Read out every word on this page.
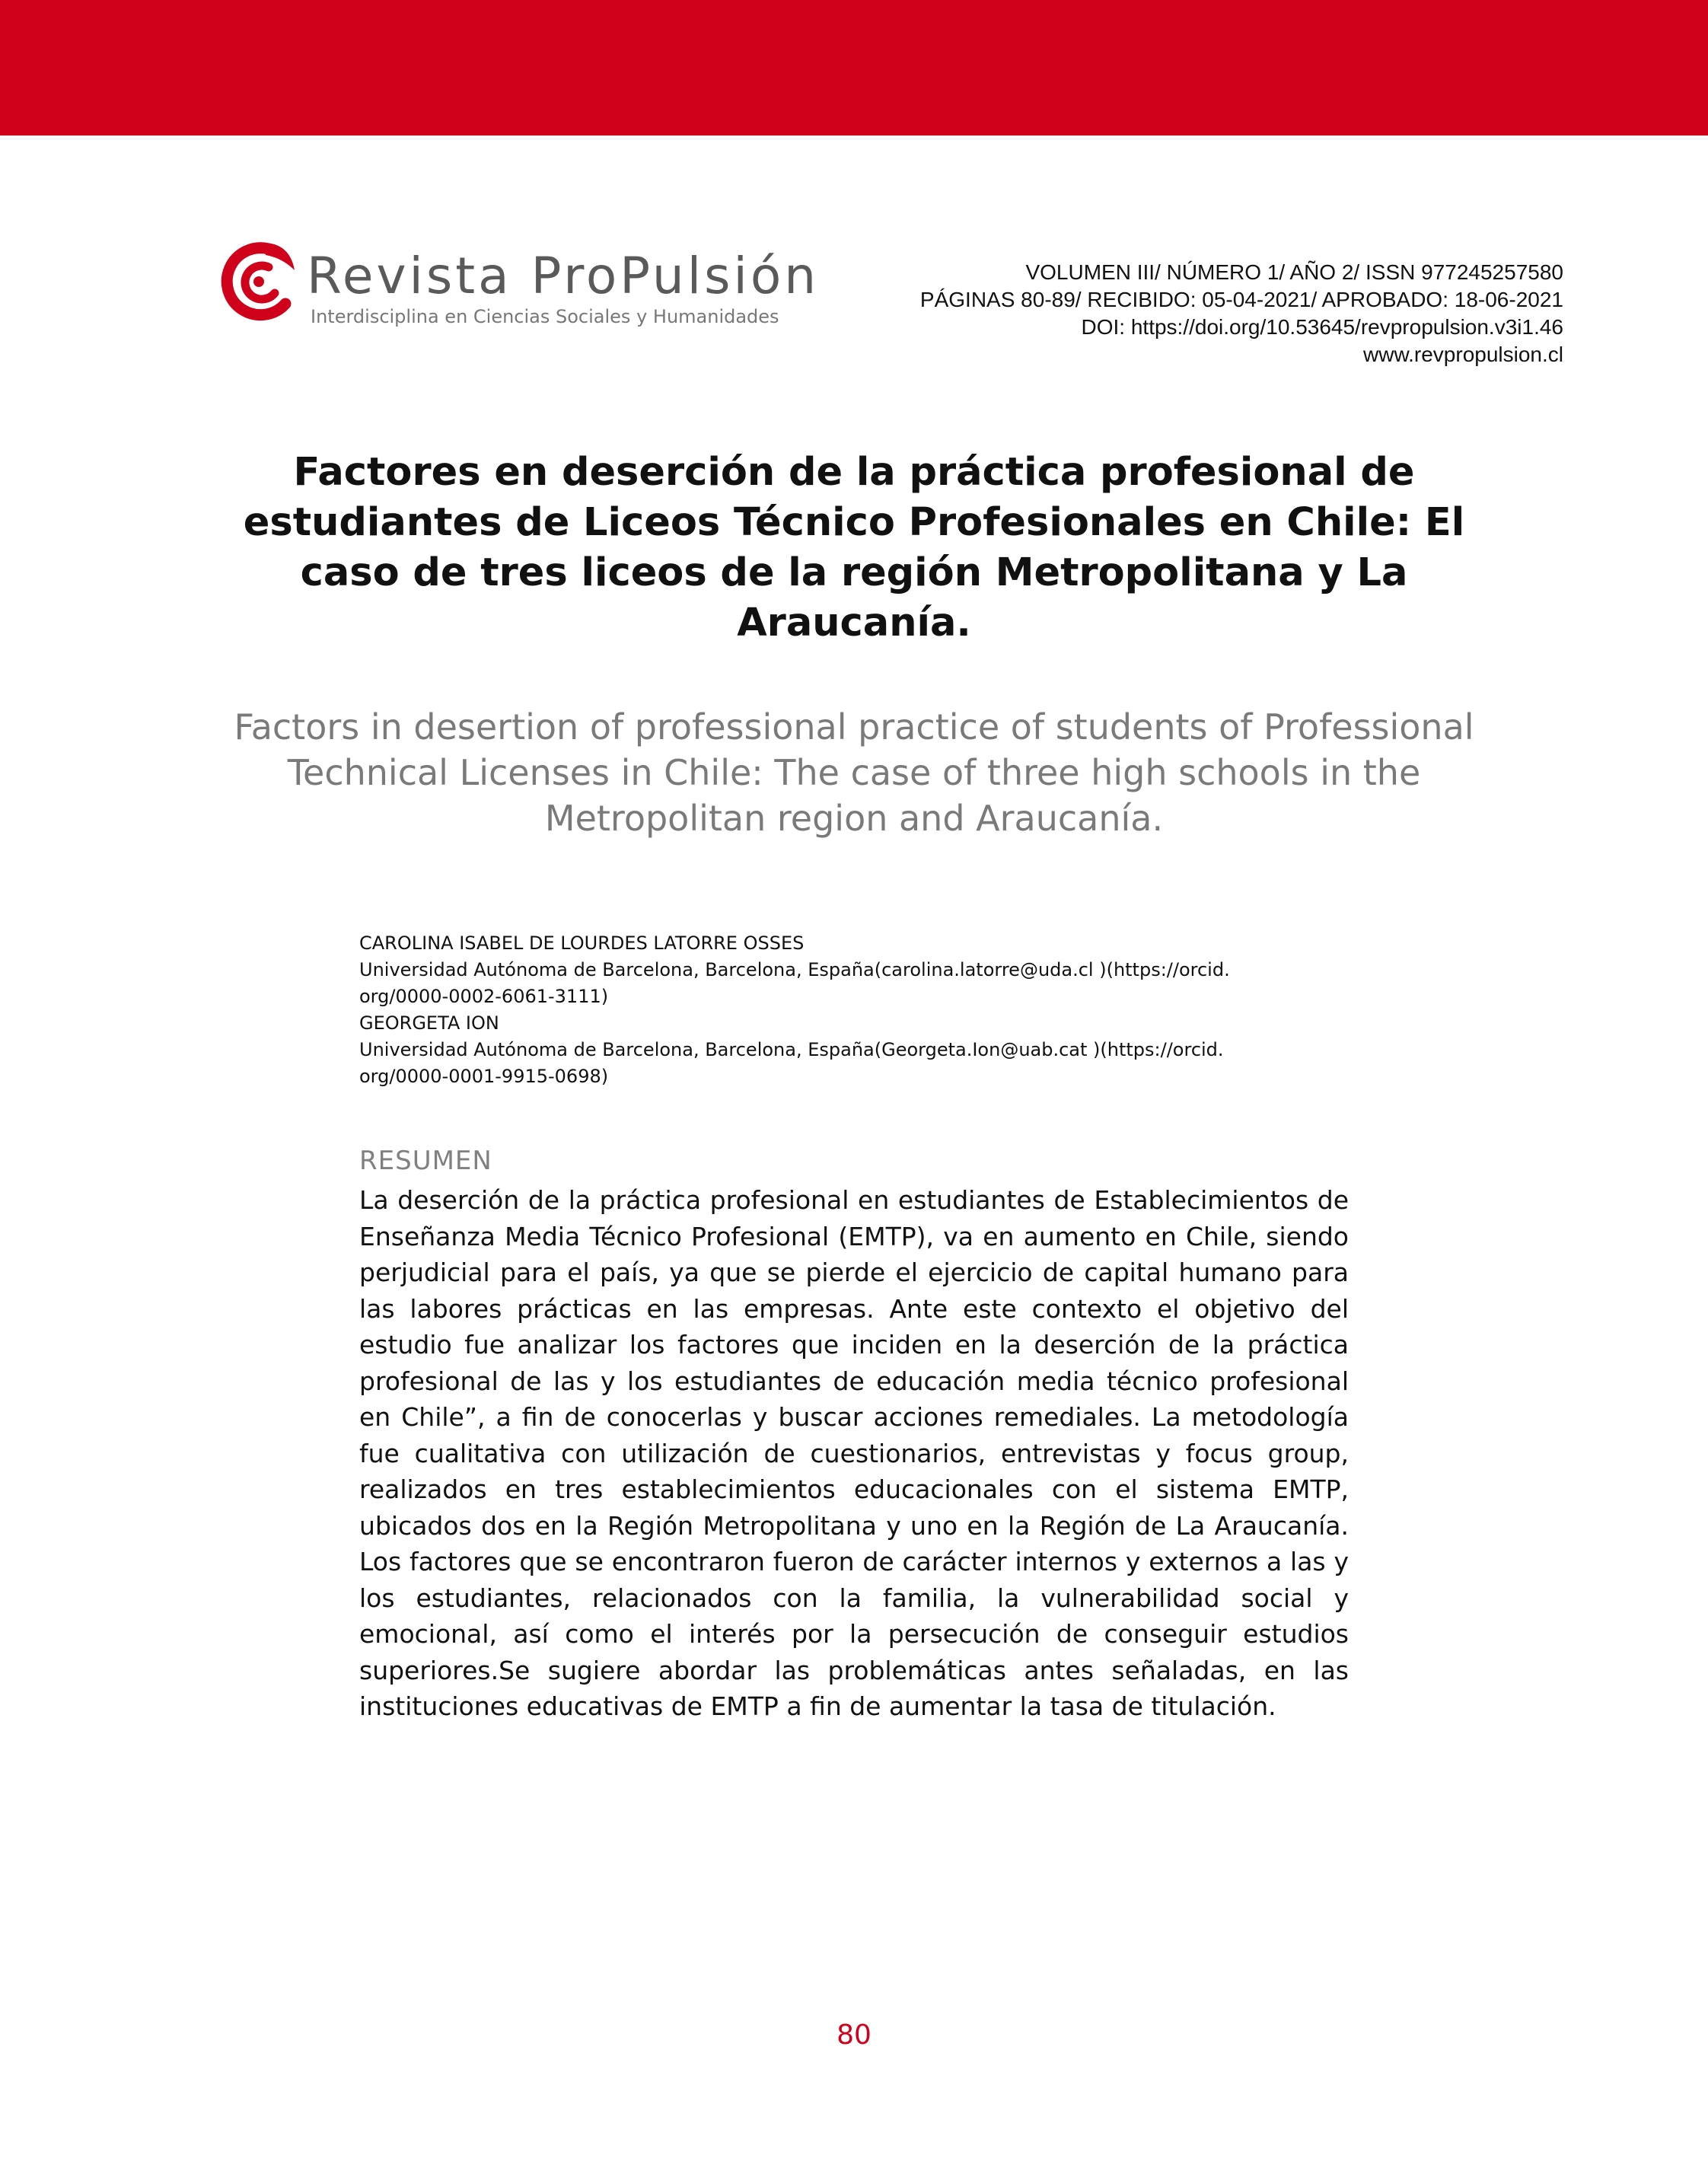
Revista ProPulsión
Interdisciplina en Ciencias Sociales y Humanidades
VOLUMEN III/ NÚMERO 1/ AÑO 2/ ISSN 977245257580
PÁGINAS 80-89/ RECIBIDO: 05-04-2021/ APROBADO: 18-06-2021
DOI: https://doi.org/10.53645/revpropulsion.v3i1.46
www.revpropulsion.cl
Factores en deserción de la práctica profesional de estudiantes de Liceos Técnico Profesionales en Chile: El caso de tres liceos de la región Metropolitana y La Araucanía.
Factors in desertion of professional practice of students of Professional Technical Licenses in Chile: The case of three high schools in the Metropolitan region and Araucanía.
CAROLINA ISABEL DE LOURDES LATORRE OSSES
Universidad Autónoma de Barcelona, Barcelona, España(carolina.latorre@uda.cl )(https://orcid.
org/0000-0002-6061-3111)
GEORGETA ION
Universidad Autónoma de Barcelona, Barcelona, España(Georgeta.Ion@uab.cat )(https://orcid.
org/0000-0001-9915-0698)
RESUMEN

La deserción de la práctica profesional en estudiantes de Establecimientos de Enseñanza Media Técnico Profesional (EMTP), va en aumento en Chile, siendo perjudicial para el país, ya que se pierde el ejercicio de capital humano para las labores prácticas en las empresas. Ante este contexto el objetivo del estudio fue analizar los factores que inciden en la deserción de la práctica profesional de las y los estudiantes de educación media técnico profesional en Chile”, a fin de conocerlas y buscar acciones remediales. La metodología fue cualitativa con utilización de cuestionarios, entrevistas y focus group, realizados en tres establecimientos educacionales con el sistema EMTP, ubicados dos en la Región Metropolitana y uno en la Región de La Araucanía. Los factores que se encontraron fueron de carácter internos y externos a las y los estudiantes, relacionados con la familia, la vulnerabilidad social y emocional, así como el interés por la persecución de conseguir estudios superiores.Se sugiere abordar las problemáticas antes señaladas, en las instituciones educativas de EMTP a fin de aumentar la tasa de titulación.

80
